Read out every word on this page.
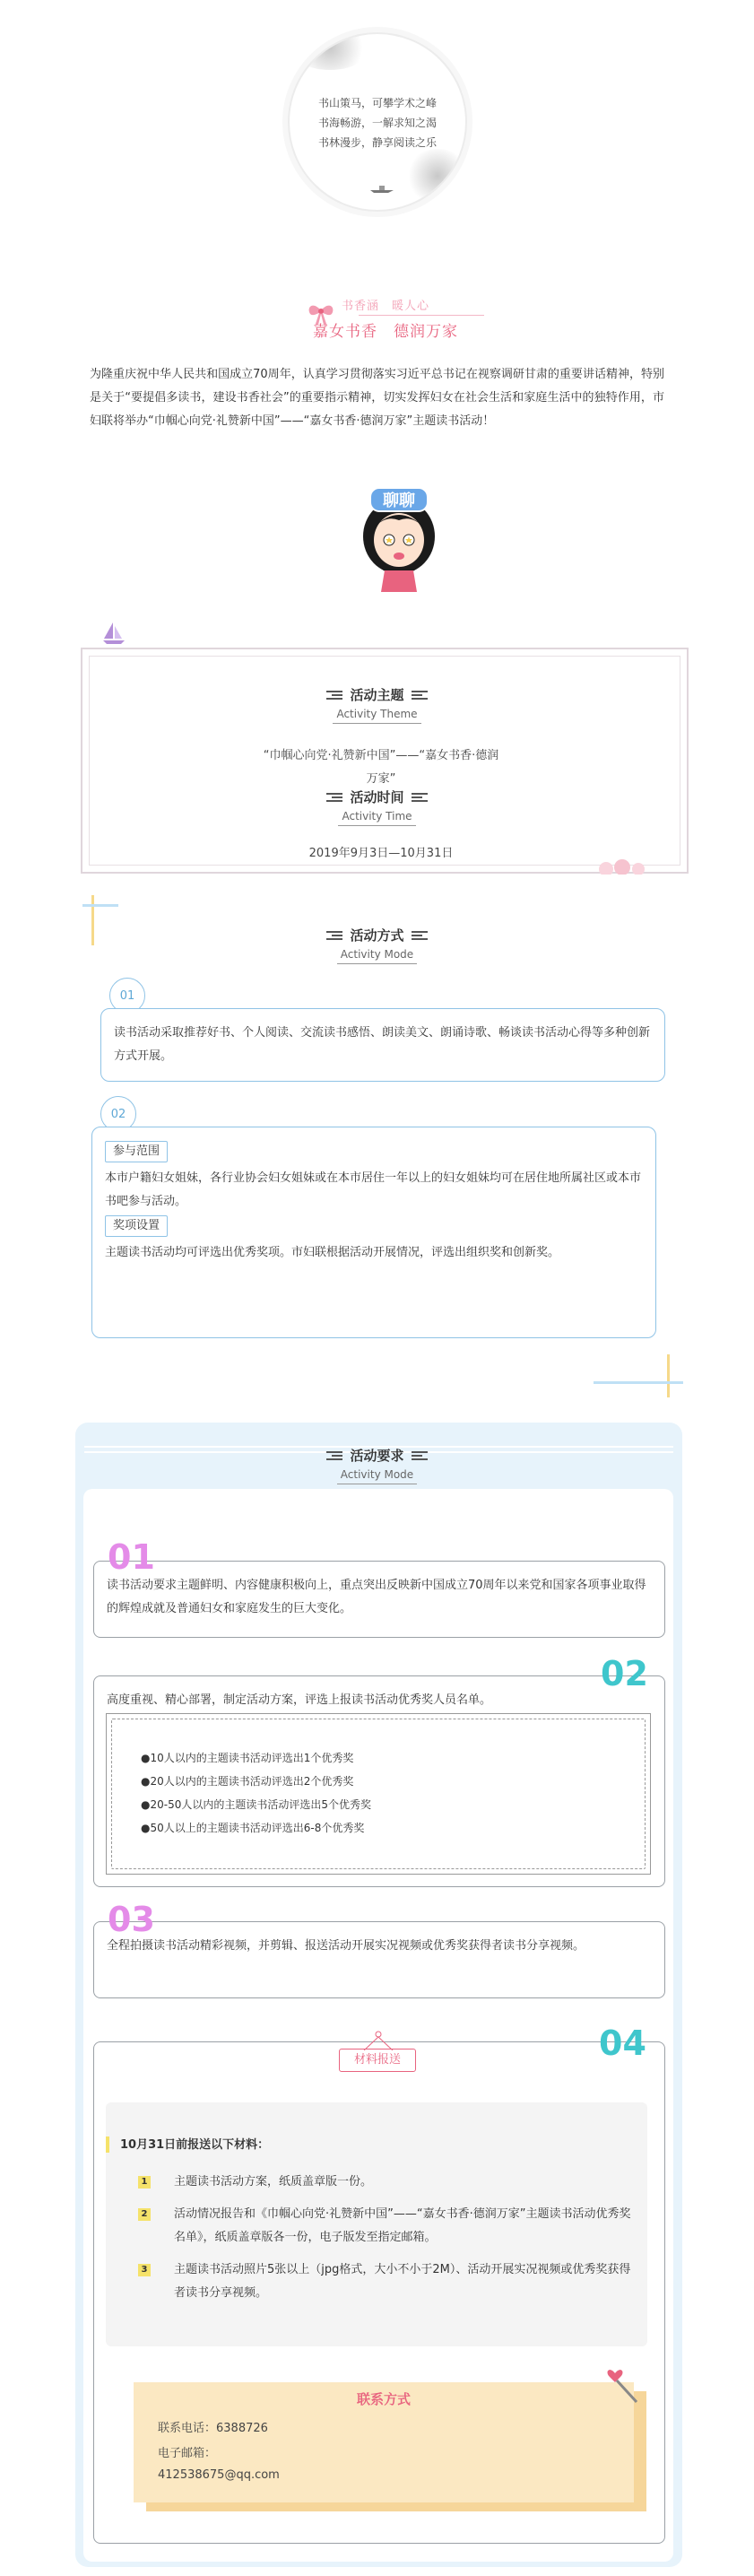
书山策马，可攀学术之峰
书海畅游，一解求知之渴
书林漫步，静享阅读之乐
书香涵　暖人心
嘉女书香　德润万家
为隆重庆祝中华人民共和国成立70周年，认真学习贯彻落实习近平总书记在视察调研甘肃的重要讲话精神，特别是关于“要提倡多读书，建设书香社会”的重要指示精神，切实发挥妇女在社会生活和家庭生活中的独特作用，市妇联将举办“巾帼心向党·礼赞新中国”——“嘉女书香·德润万家”主题读书活动！
聊聊
活动主题

Activity Theme
“巾帼心向党·礼赞新中国”——“嘉女书香·德润
万家”
活动时间

Activity Time
2019年9月3日—10月31日
活动方式

Activity Mode
01
读书活动采取推荐好书、个人阅读、交流读书感悟、朗读美文、朗诵诗歌、畅谈读书活动心得等多种创新方式开展。
02
参与范围
本市户籍妇女姐妹，各行业协会妇女姐妹或在本市居住一年以上的妇女姐妹均可在居住地所属社区或本市书吧参与活动。
奖项设置
主题读书活动均可评选出优秀奖项。市妇联根据活动开展情况，评选出组织奖和创新奖。
活动要求

Activity Mode
读书活动要求主题鲜明、内容健康积极向上，重点突出反映新中国成立70周年以来党和国家各项事业取得的辉煌成就及普通妇女和家庭发生的巨大变化。
01
高度重视、精心部署，制定活动方案，评选上报读书活动优秀奖人员名单。
02
●10人以内的主题读书活动评选出1个优秀奖
●20人以内的主题读书活动评选出2个优秀奖
●20-50人以内的主题读书活动评选出5个优秀奖
●50人以上的主题读书活动评选出6-8个优秀奖
全程拍摄读书活动精彩视频，并剪辑、报送活动开展实况视频或优秀奖获得者读书分享视频。
03
04
材料报送
10月31日前报送以下材料：
1 主题读书活动方案，纸质盖章版一份。
2 活动情况报告和《巾帼心向党·礼赞新中国”——“嘉女书香·德润万家”主题读书活动优秀奖名单》，纸质盖章版各一份，电子版发至指定邮箱。
3 主题读书活动照片5张以上（jpg格式，大小不小于2M）、活动开展实况视频或优秀奖获得者读书分享视频。
联系方式
联系电话：6388726
电子邮箱：
412538675@qq.com
